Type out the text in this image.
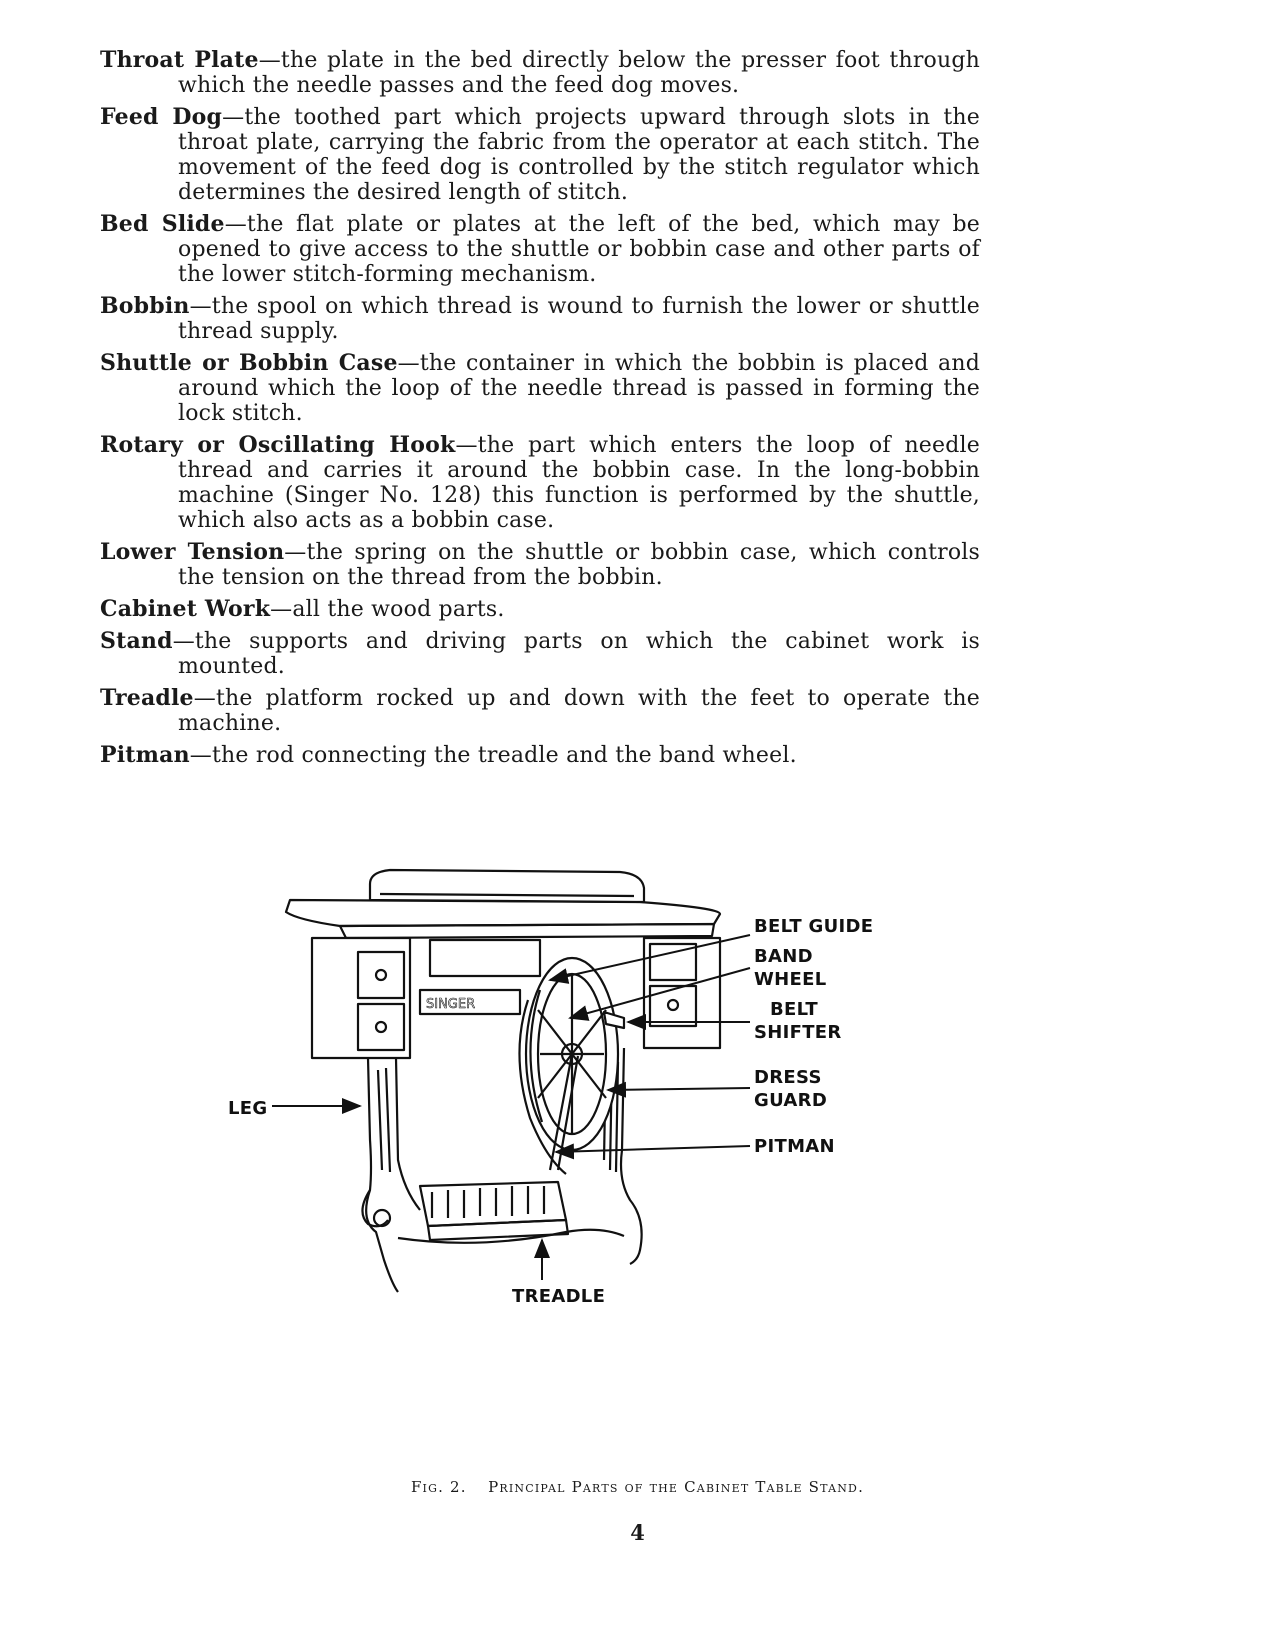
Throat Plate—the plate in the bed directly below the presser foot through which the needle passes and the feed dog moves.

Feed Dog—the toothed part which projects upward through slots in the throat plate, carrying the fabric from the operator at each stitch. The movement of the feed dog is controlled by the stitch regulator which determines the desired length of stitch.

Bed Slide—the flat plate or plates at the left of the bed, which may be opened to give access to the shuttle or bobbin case and other parts of the lower stitch-forming mechanism.

Bobbin—the spool on which thread is wound to furnish the lower or shuttle thread supply.

Shuttle or Bobbin Case—the container in which the bobbin is placed and around which the loop of the needle thread is passed in forming the lock stitch.

Rotary or Oscillating Hook—the part which enters the loop of needle thread and carries it around the bobbin case. In the long-bobbin machine (Singer No. 128) this function is performed by the shuttle, which also acts as a bobbin case.

Lower Tension—the spring on the shuttle or bobbin case, which controls the tension on the thread from the bobbin.

Cabinet Work—all the wood parts.

Stand—the supports and driving parts on which the cabinet work is mounted.

Treadle—the platform rocked up and down with the feet to operate the machine.

Pitman—the rod connecting the treadle and the band wheel.

SINGER
BELT GUIDE
BAND
WHEEL
BELT
SHIFTER
DRESS
GUARD
PITMAN
LEG
TREADLE
Fig. 2. Principal Parts of the Cabinet Table Stand.
4
